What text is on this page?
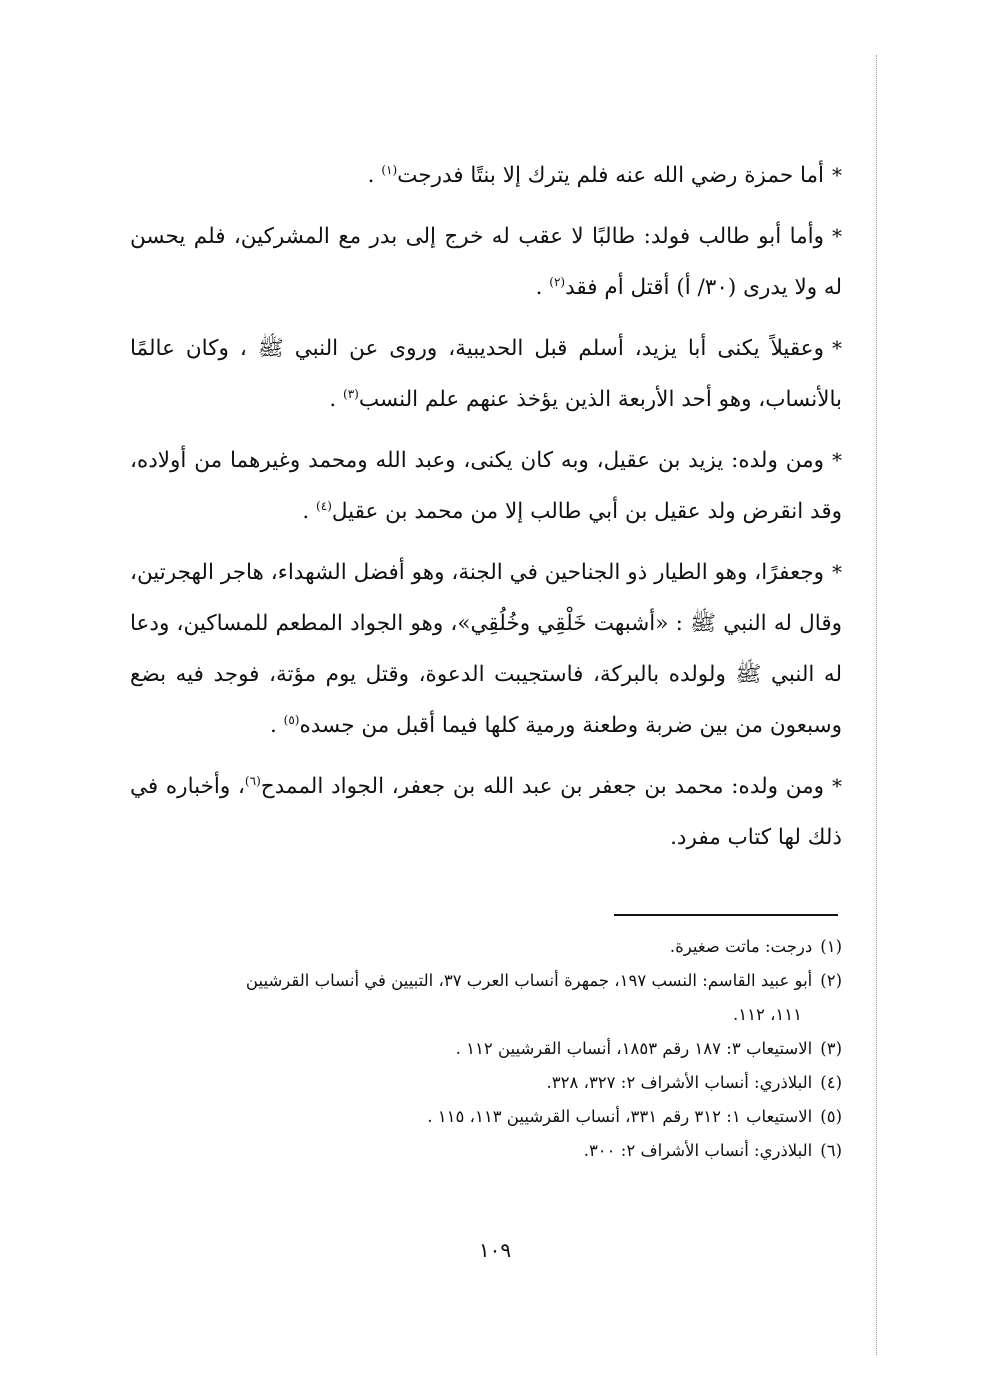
*أما حمزة رضي الله عنه فلم يترك إلا بنتًا فدرجت$^{(١)}$ .

*وأما أبو طالب فولد: طالبًا لا عقب له خرج إلى بدر مع المشركين، فلم يحسن له ولا يدرى (٣٠/ أ) أقتل أم فقد$^{(٢)}$ .

*وعقيلاً يكنى أبا يزيد، أسلم قبل الحديبية، وروى عن النبي ﷺ ، وكان عالمًا بالأنساب، وهو أحد الأربعة الذين يؤخذ عنهم علم النسب$^{(٣)}$ .

*ومن ولده: يزيد بن عقيل، وبه كان يكنى، وعبد الله ومحمد وغيرهما من أولاده، وقد انقرض ولد عقيل بن أبي طالب إلا من محمد بن عقيل$^{(٤)}$ .

*وجعفرًا، وهو الطيار ذو الجناحين في الجنة، وهو أفضل الشهداء، هاجر الهجرتين، وقال له النبي ﷺ : «أشبهت خَلْقِي وخُلُقِي»، وهو الجواد المطعم للمساكين، ودعا له النبي ﷺ ولولده بالبركة، فاستجيبت الدعوة، وقتل يوم مؤتة، فوجد فيه بضع وسبعون من بين ضربة وطعنة ورمية كلها فيما أقبل من جسده$^{(٥)}$ .

*ومن ولده: محمد بن جعفر بن عبد الله بن جعفر، الجواد الممدح$^{(٦)}$، وأخباره في ذلك لها كتاب مفرد.

(١)درجت: ماتت صغيرة.

(٢)أبو عبيد القاسم: النسب ١٩٧، جمهرة أنساب العرب ٣٧، التبيين في أنساب القرشيين

١١١، ١١٢.

(٣)الاستيعاب ٣: ١٨٧ رقم ١٨٥٣، أنساب القرشيين ١١٢ .

(٤)البلاذري: أنساب الأشراف ٢: ٣٢٧، ٣٢٨.

(٥)الاستيعاب ١: ٣١٢ رقم ٣٣١، أنساب القرشيين ١١٣، ١١٥ .

(٦)البلاذري: أنساب الأشراف ٢: ٣٠٠.

١٠٩
